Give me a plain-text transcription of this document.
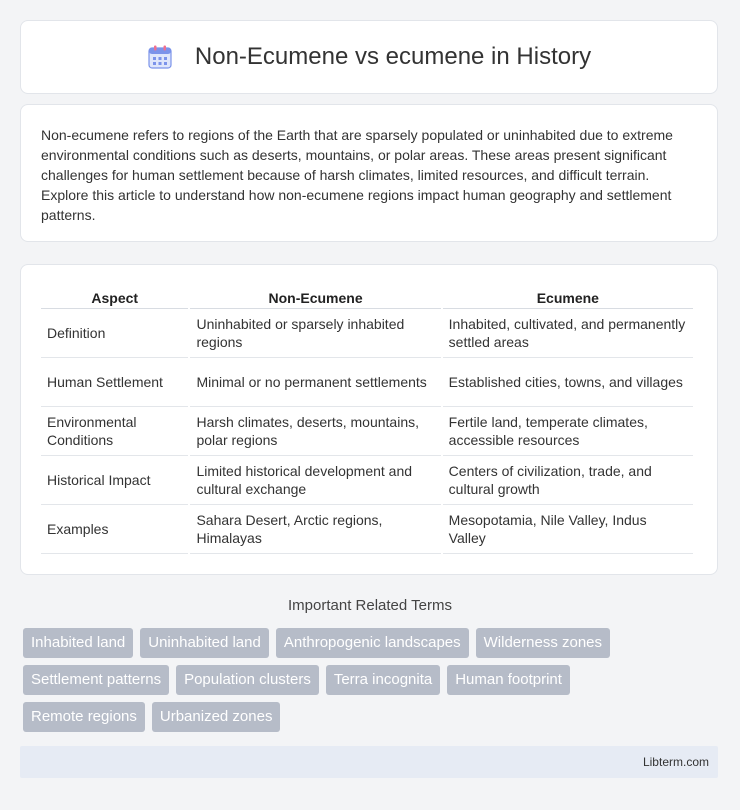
Non-Ecumene vs ecumene in History

Non-ecumene refers to regions of the Earth that are sparsely populated or uninhabited due to extreme environmental conditions such as deserts, mountains, or polar areas. These areas present significant challenges for human settlement because of harsh climates, limited resources, and difficult terrain. Explore this article to understand how non-ecumene regions impact human geography and settlement patterns.

Aspect	Non-Ecumene	Ecumene
Definition	Uninhabited or sparsely inhabited regions	Inhabited, cultivated, and permanently settled areas
Human Settlement	Minimal or no permanent settlements	Established cities, towns, and villages
Environmental Conditions	Harsh climates, deserts, mountains, polar regions	Fertile land, temperate climates, accessible resources
Historical Impact	Limited historical development and cultural exchange	Centers of civilization, trade, and cultural growth
Examples	Sahara Desert, Arctic regions, Himalayas	Mesopotamia, Nile Valley, Indus Valley
Important Related Terms
Inhabited land	Uninhabited land	Anthropogenic landscapes	Wilderness zones
Settlement patterns	Population clusters	Terra incognita	Human footprint
Remote regions	Urbanized zones
Libterm.com
